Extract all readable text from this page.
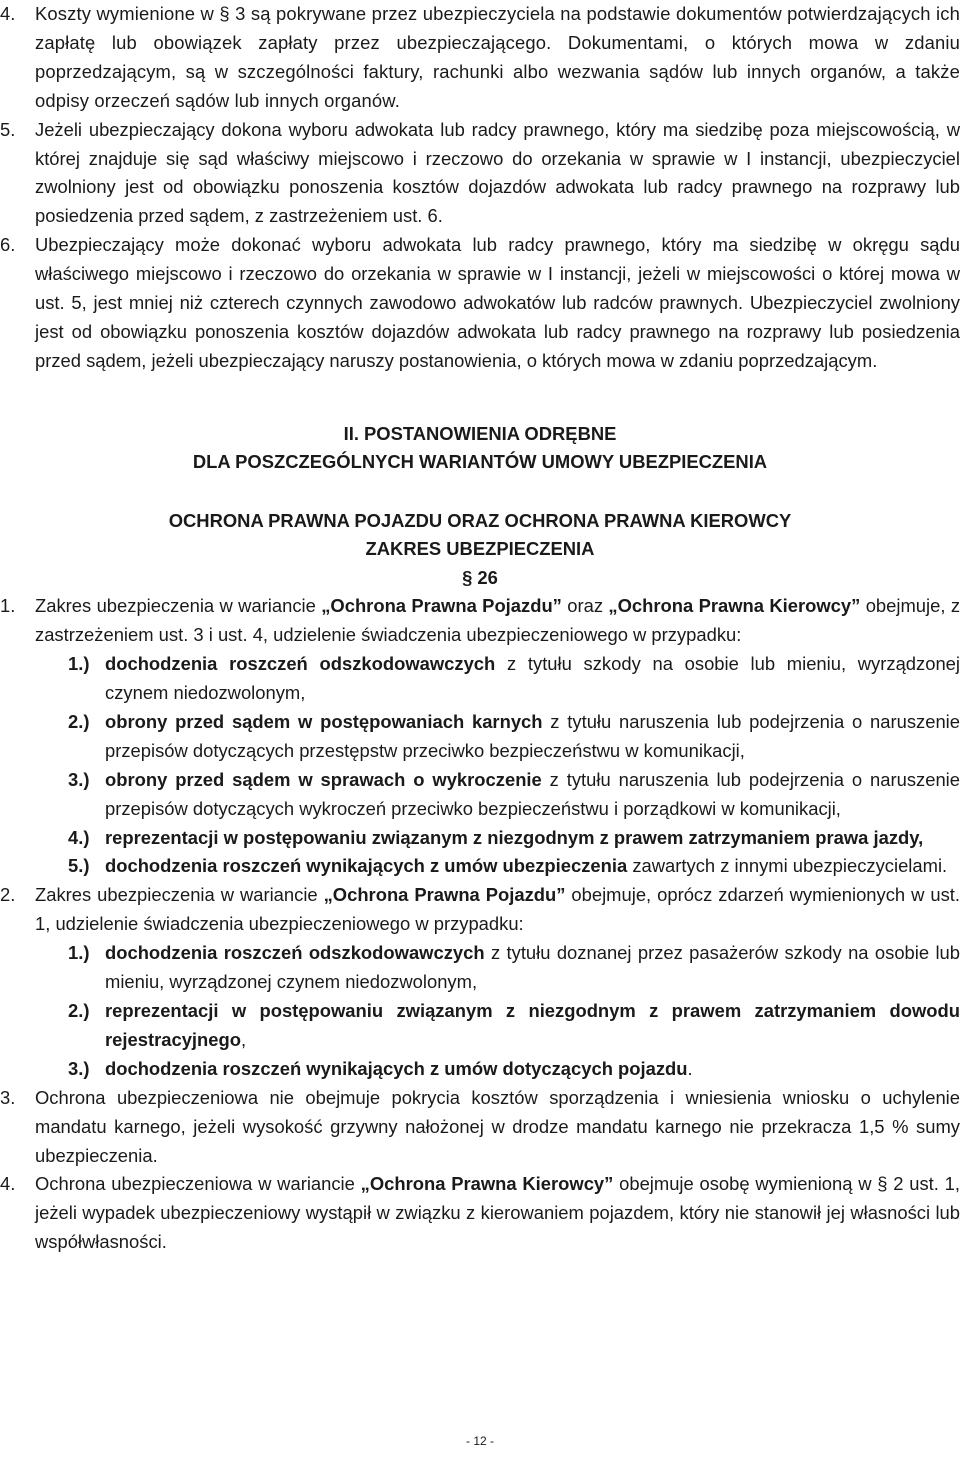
4. Koszty wymienione w § 3 są pokrywane przez ubezpieczyciela na podstawie dokumentów potwierdzających ich zapłatę lub obowiązek zapłaty przez ubezpieczającego. Dokumentami, o których mowa w zdaniu poprzedzającym, są w szczególności faktury, rachunki albo wezwania sądów lub innych organów, a także odpisy orzeczeń sądów lub innych organów.
5. Jeżeli ubezpieczający dokona wyboru adwokata lub radcy prawnego, który ma siedzibę poza miejscowością, w której znajduje się sąd właściwy miejscowo i rzeczowo do orzekania w sprawie w I instancji, ubezpieczyciel zwolniony jest od obowiązku ponoszenia kosztów dojazdów adwokata lub radcy prawnego na rozprawy lub posiedzenia przed sądem, z zastrzeżeniem ust. 6.
6. Ubezpieczający może dokonać wyboru adwokata lub radcy prawnego, który ma siedzibę w okręgu sądu właściwego miejscowo i rzeczowo do orzekania w sprawie w I instancji, jeżeli w miejscowości o której mowa w ust. 5, jest mniej niż czterech czynnych zawodowo adwokatów lub radców prawnych. Ubezpieczyciel zwolniony jest od obowiązku ponoszenia kosztów dojazdów adwokata lub radcy prawnego na rozprawy lub posiedzenia przed sądem, jeżeli ubezpieczający naruszy postanowienia, o których mowa w zdaniu poprzedzającym.
II. POSTANOWIENIA ODRĘBNE
DLA POSZCZEGÓLNYCH WARIANTÓW UMOWY UBEZPIECZENIA
OCHRONA PRAWNA POJAZDU ORAZ OCHRONA PRAWNA KIEROWCY
ZAKRES UBEZPIECZENIA
§ 26
1. Zakres ubezpieczenia w wariancie „Ochrona Prawna Pojazdu” oraz „Ochrona Prawna Kierowcy” obejmuje, z zastrzeżeniem ust. 3 i ust. 4, udzielenie świadczenia ubezpieczeniowego w przypadku:
1.) dochodzenia roszczeń odszkodowawczych z tytułu szkody na osobie lub mieniu, wyrządzonej czynem niedozwolonym,
2.) obrony przed sądem w postępowaniach karnych z tytułu naruszenia lub podejrzenia o naruszenie przepisów dotyczących przestępstw przeciwko bezpieczeństwu w komunikacji,
3.) obrony przed sądem w sprawach o wykroczenie z tytułu naruszenia lub podejrzenia o naruszenie przepisów dotyczących wykroczeń przeciwko bezpieczeństwu i porządkowi w komunikacji,
4.) reprezentacji w postępowaniu związanym z niezgodnym z prawem zatrzymaniem prawa jazdy,
5.) dochodzenia roszczeń wynikających z umów ubezpieczenia zawartych z innymi ubezpieczycielami.
2. Zakres ubezpieczenia w wariancie „Ochrona Prawna Pojazdu” obejmuje, oprócz zdarzeń wymienionych w ust. 1, udzielenie świadczenia ubezpieczeniowego w przypadku:
1.) dochodzenia roszczeń odszkodowawczych z tytułu doznanej przez pasażerów szkody na osobie lub mieniu, wyrządzonej czynem niedozwolonym,
2.) reprezentacji w postępowaniu związanym z niezgodnym z prawem zatrzymaniem dowodu rejestracyjnego,
3.) dochodzenia roszczeń wynikających z umów dotyczących pojazdu.
3. Ochrona ubezpieczeniowa nie obejmuje pokrycia kosztów sporządzenia i wniesienia wniosku o uchylenie mandatu karnego, jeżeli wysokość grzywny nałożonej w drodze mandatu karnego nie przekracza 1,5 % sumy ubezpieczenia.
4. Ochrona ubezpieczeniowa w wariancie „Ochrona Prawna Kierowcy” obejmuje osobę wymienioną w § 2 ust. 1, jeżeli wypadek ubezpieczeniowy wystąpił w związku z kierowaniem pojazdem, który nie stanowił jej własności lub współwłasności.
- 12 -
